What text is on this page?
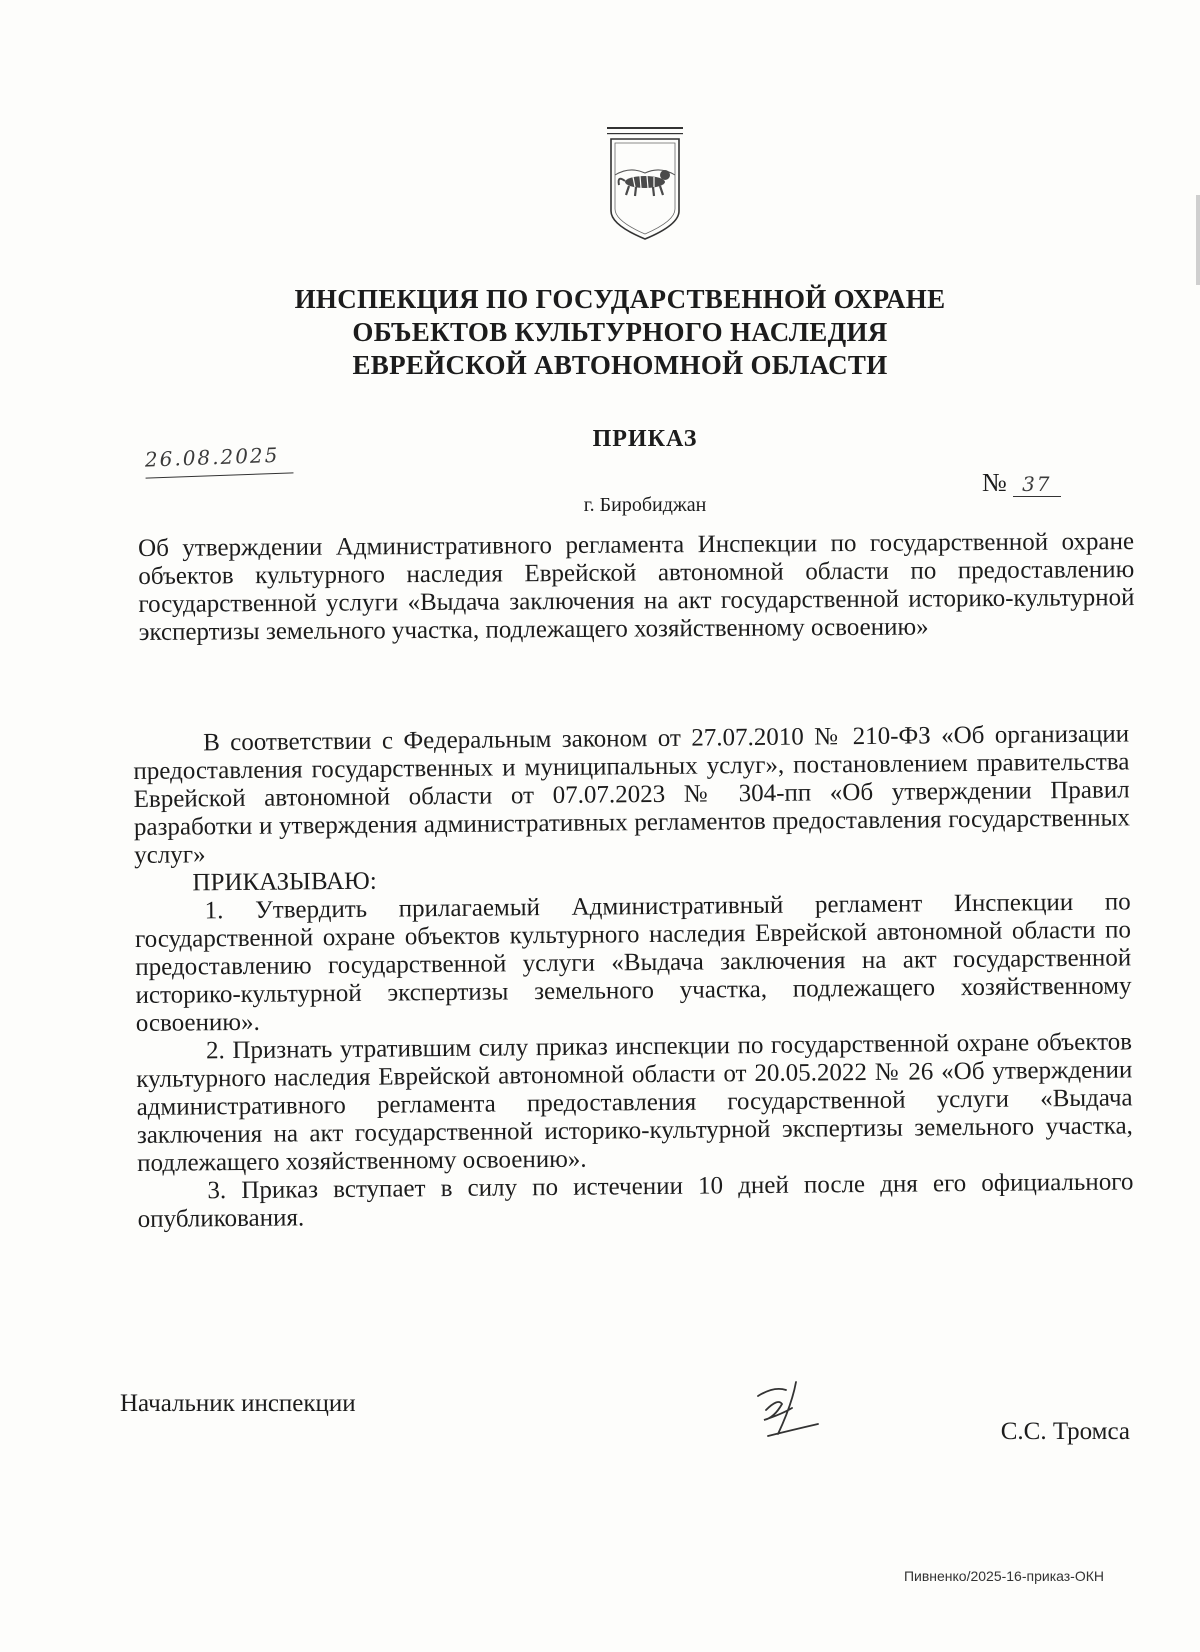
ИНСПЕКЦИЯ ПО ГОСУДАРСТВЕННОЙ ОХРАНЕ
ОБЪЕКТОВ КУЛЬТУРНОГО НАСЛЕДИЯ
ЕВРЕЙСКОЙ АВТОНОМНОЙ ОБЛАСТИ
ПРИКАЗ
26.08.2025
№ 37
г. Биробиджан
Об утверждении Административного регламента Инспекции по государственной охране объектов культурного наследия Еврейской автономной области по предоставлению государственной услуги «Выдача заключения на акт государственной историко-культурной экспертизы земельного участка, подлежащего хозяйственному освоению»

В соответствии с Федеральным законом от 27.07.2010 № 210-ФЗ «Об организации предоставления государственных и муниципальных услуг», постановлением правительства Еврейской автономной области от 07.07.2023 № 304-пп «Об утверждении Правил разработки и утверждения административных регламентов предоставления государственных услуг»

ПРИКАЗЫВАЮ:

1. Утвердить прилагаемый Административный регламент Инспекции по государственной охране объектов культурного наследия Еврейской автономной области по предоставлению государственной услуги «Выдача заключения на акт государственной историко-культурной экспертизы земельного участка, подлежащего хозяйственному освоению».

2. Признать утратившим силу приказ инспекции по государственной охране объектов культурного наследия Еврейской автономной области от 20.05.2022 № 26 «Об утверждении административного регламента предоставления государственной услуги «Выдача заключения на акт государственной историко-культурной экспертизы земельного участка, подлежащего хозяйственному освоению».

3. Приказ вступает в силу по истечении 10 дней после дня его официального опубликования.

Начальник инспекции
С.С. Тромса
Пивненко/2025-16-приказ-ОКН
